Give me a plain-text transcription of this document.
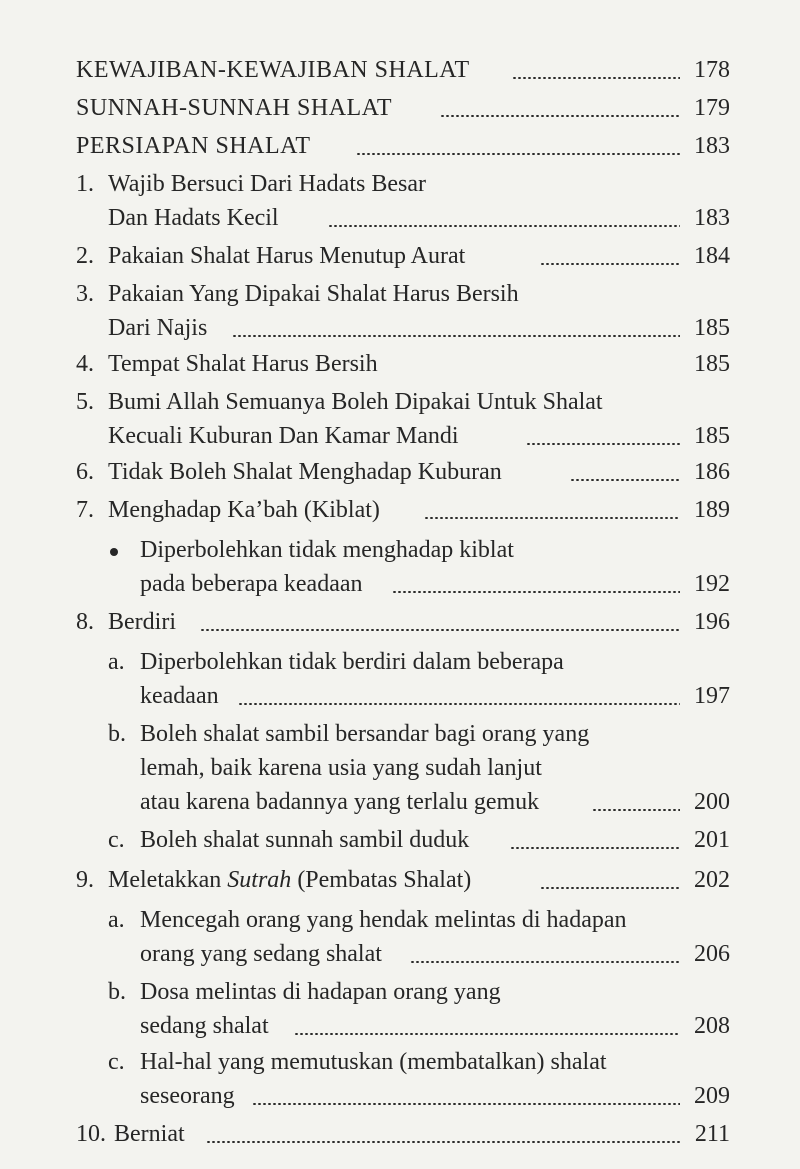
KEWAJIBAN-KEWAJIBAN SHALAT	178
SUNNAH-SUNNAH SHALAT	179
PERSIAPAN SHALAT	183
1. Wajib Bersuci Dari Hadats Besar
Dan Hadats Kecil	183
2. Pakaian Shalat Harus Menutup Aurat	184
3. Pakaian Yang Dipakai Shalat Harus Bersih
Dari Najis	185
4. Tempat Shalat Harus Bersih	185
5. Bumi Allah Semuanya Boleh Dipakai Untuk Shalat
Kecuali Kuburan Dan Kamar Mandi	185
6. Tidak Boleh Shalat Menghadap Kuburan	186
7. Menghadap Ka’bah (Kiblat)	189
Diperbolehkan tidak menghadap kiblat
pada beberapa keadaan	192
8. Berdiri	196
a. Diperbolehkan tidak berdiri dalam beberapa
keadaan	197
b. Boleh shalat sambil bersandar bagi orang yang
lemah, baik karena usia yang sudah lanjut
atau karena badannya yang terlalu gemuk	200
c. Boleh shalat sunnah sambil duduk	201
9. Meletakkan Sutrah (Pembatas Shalat)	202
a. Mencegah orang yang hendak melintas di hadapan
orang yang sedang shalat	206
b. Dosa melintas di hadapan orang yang
sedang shalat	208
c. Hal-hal yang memutuskan (membatalkan) shalat
seseorang	209
10. Berniat	211
